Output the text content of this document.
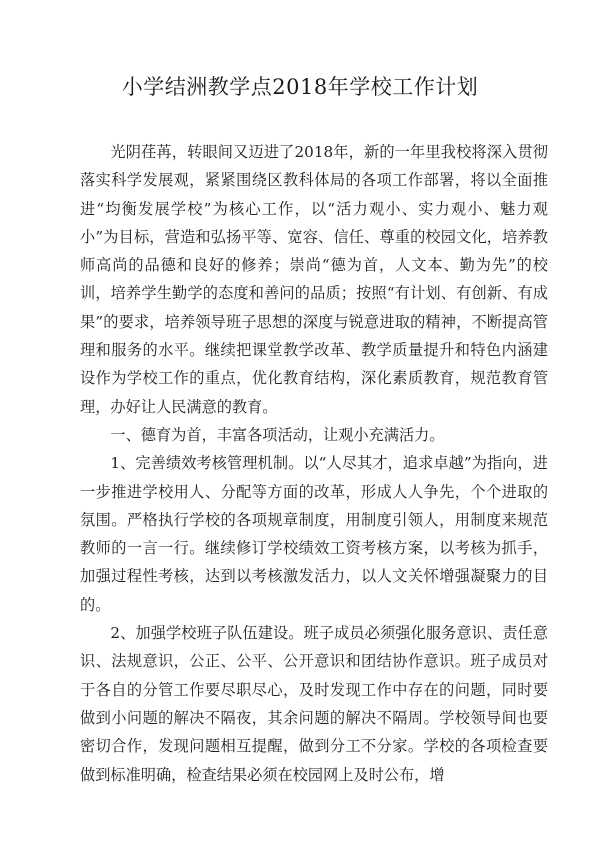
小学结洲教学点2018年学校工作计划

光阴荏苒，转眼间又迈进了2018年，新的一年里我校将深入贯彻落实科学发展观，紧紧围绕区教科体局的各项工作部署，将以全面推进“均衡发展学校”为核心工作，以“活力观小、实力观小、魅力观小”为目标，营造和弘扬平等、宽容、信任、尊重的校园文化，培养教师高尚的品德和良好的修养；崇尚“德为首，人文本、勤为先”的校训，培养学生勤学的态度和善问的品质；按照“有计划、有创新、有成果”的要求，培养领导班子思想的深度与锐意进取的精神，不断提高管理和服务的水平。继续把课堂教学改革、教学质量提升和特色内涵建设作为学校工作的重点，优化教育结构，深化素质教育，规范教育管理，办好让人民满意的教育。

一、德育为首，丰富各项活动，让观小充满活力。

1、完善绩效考核管理机制。以“人尽其才，追求卓越”为指向，进一步推进学校用人、分配等方面的改革，形成人人争先，个个进取的氛围。严格执行学校的各项规章制度，用制度引领人，用制度来规范教师的一言一行。继续修订学校绩效工资考核方案，以考核为抓手，加强过程性考核，达到以考核激发活力，以人文关怀增强凝聚力的目的。

2、加强学校班子队伍建设。班子成员必须强化服务意识、责任意识、法规意识，公正、公平、公开意识和团结协作意识。班子成员对于各自的分管工作要尽职尽心，及时发现工作中存在的问题，同时要做到小问题的解决不隔夜，其余问题的解决不隔周。学校领导间也要密切合作，发现问题相互提醒，做到分工不分家。学校的各项检查要做到标准明确，检查结果必须在校园网上及时公布，增
